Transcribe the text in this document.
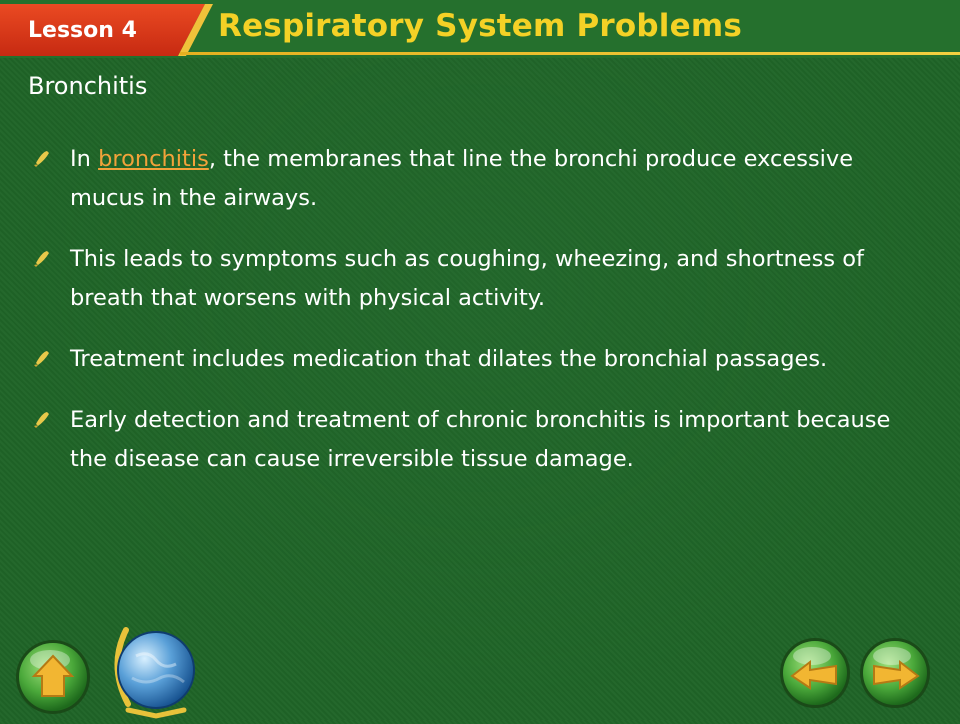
Lesson 4	Respiratory System Problems
Bronchitis
In bronchitis, the membranes that line the bronchi produce excessive mucus in the airways.
This leads to symptoms such as coughing, wheezing, and shortness of breath that worsens with physical activity.
Treatment includes medication that dilates the bronchial passages.
Early detection and treatment of chronic bronchitis is important because the disease can cause irreversible tissue damage.
